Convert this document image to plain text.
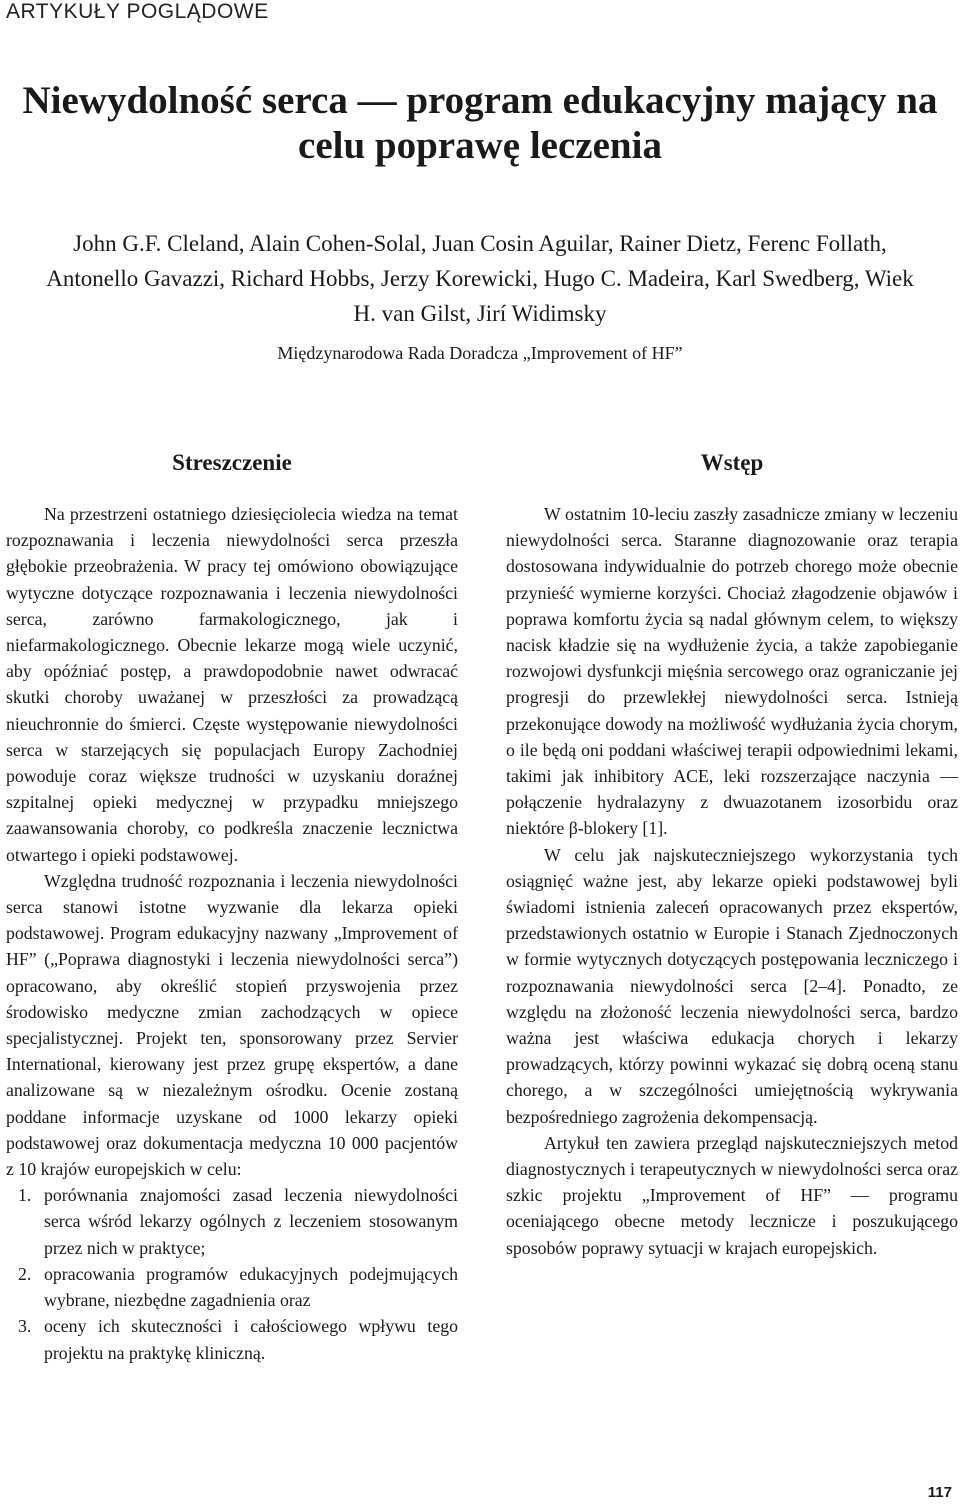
ARTYKUŁY POGLĄDOWE
Niewydolność serca — program edukacyjny mający na celu poprawę leczenia
John G.F. Cleland, Alain Cohen-Solal, Juan Cosin Aguilar, Rainer Dietz, Ferenc Follath, Antonello Gavazzi, Richard Hobbs, Jerzy Korewicki, Hugo C. Madeira, Karl Swedberg, Wiek H. van Gilst, Jirí Widimsky
Międzynarodowa Rada Doradcza „Improvement of HF”
Streszczenie

Na przestrzeni ostatniego dziesięciolecia wiedza na temat rozpoznawania i leczenia niewydolności serca przeszła głębokie przeobrażenia. W pracy tej omówiono obowiązujące wytyczne dotyczące rozpoznawania i leczenia niewydolności serca, zarówno farmakologicznego, jak i niefarmakologicznego. Obecnie lekarze mogą wiele uczynić, aby opóźniać postęp, a prawdopodobnie nawet odwracać skutki choroby uważanej w przeszłości za prowadzącą nieuchronnie do śmierci. Częste występowanie niewydolności serca w starzejących się populacjach Europy Zachodniej powoduje coraz większe trudności w uzyskaniu doraźnej szpitalnej opieki medycznej w przypadku mniejszego zaawansowania choroby, co podkreśla znaczenie lecznictwa otwartego i opieki podstawowej.

Względna trudność rozpoznania i leczenia niewydolności serca stanowi istotne wyzwanie dla lekarza opieki podstawowej. Program edukacyjny nazwany „Improvement of HF” („Poprawa diagnostyki i leczenia niewydolności serca”) opracowano, aby określić stopień przyswojenia przez środowisko medyczne zmian zachodzących w opiece specjalistycznej. Projekt ten, sponsorowany przez Servier International, kierowany jest przez grupę ekspertów, a dane analizowane są w niezależnym ośrodku. Ocenie zostaną poddane informacje uzyskane od 1000 lekarzy opieki podstawowej oraz dokumentacja medyczna 10 000 pacjentów z 10 krajów europejskich w celu:

1. porównania znajomości zasad leczenia niewydolności serca wśród lekarzy ogólnych z leczeniem stosowanym przez nich w praktyce;
2. opracowania programów edukacyjnych podejmujących wybrane, niezbędne zagadnienia oraz
3. oceny ich skuteczności i całościowego wpływu tego projektu na praktykę kliniczną.
Wstęp

W ostatnim 10-leciu zaszły zasadnicze zmiany w leczeniu niewydolności serca. Staranne diagnozowanie oraz terapia dostosowana indywidualnie do potrzeb chorego może obecnie przynieść wymierne korzyści. Chociaż złagodzenie objawów i poprawa komfortu życia są nadal głównym celem, to większy nacisk kładzie się na wydłużenie życia, a także zapobieganie rozwojowi dysfunkcji mięśnia sercowego oraz ograniczanie jej progresji do przewlekłej niewydolności serca. Istnieją przekonujące dowody na możliwość wydłużania życia chorym, o ile będą oni poddani właściwej terapii odpowiednimi lekami, takimi jak inhibitory ACE, leki rozszerzające naczynia — połączenie hydralazyny z dwuazotanem izosorbidu oraz niektóre β-blokery [1].

W celu jak najskuteczniejszego wykorzystania tych osiągnięć ważne jest, aby lekarze opieki podstawowej byli świadomi istnienia zaleceń opracowanych przez ekspertów, przedstawionych ostatnio w Europie i Stanach Zjednoczonych w formie wytycznych dotyczących postępowania leczniczego i rozpoznawania niewydolności serca [2–4]. Ponadto, ze względu na złożoność leczenia niewydolności serca, bardzo ważna jest właściwa edukacja chorych i lekarzy prowadzących, którzy powinni wykazać się dobrą oceną stanu chorego, a w szczególności umiejętnością wykrywania bezpośredniego zagrożenia dekompensacją.

Artykuł ten zawiera przegląd najskuteczniejszych metod diagnostycznych i terapeutycznych w niewydolności serca oraz szkic projektu „Improvement of HF” — programu oceniającego obecne metody lecznicze i poszukującego sposobów poprawy sytuacji w krajach europejskich.

117
